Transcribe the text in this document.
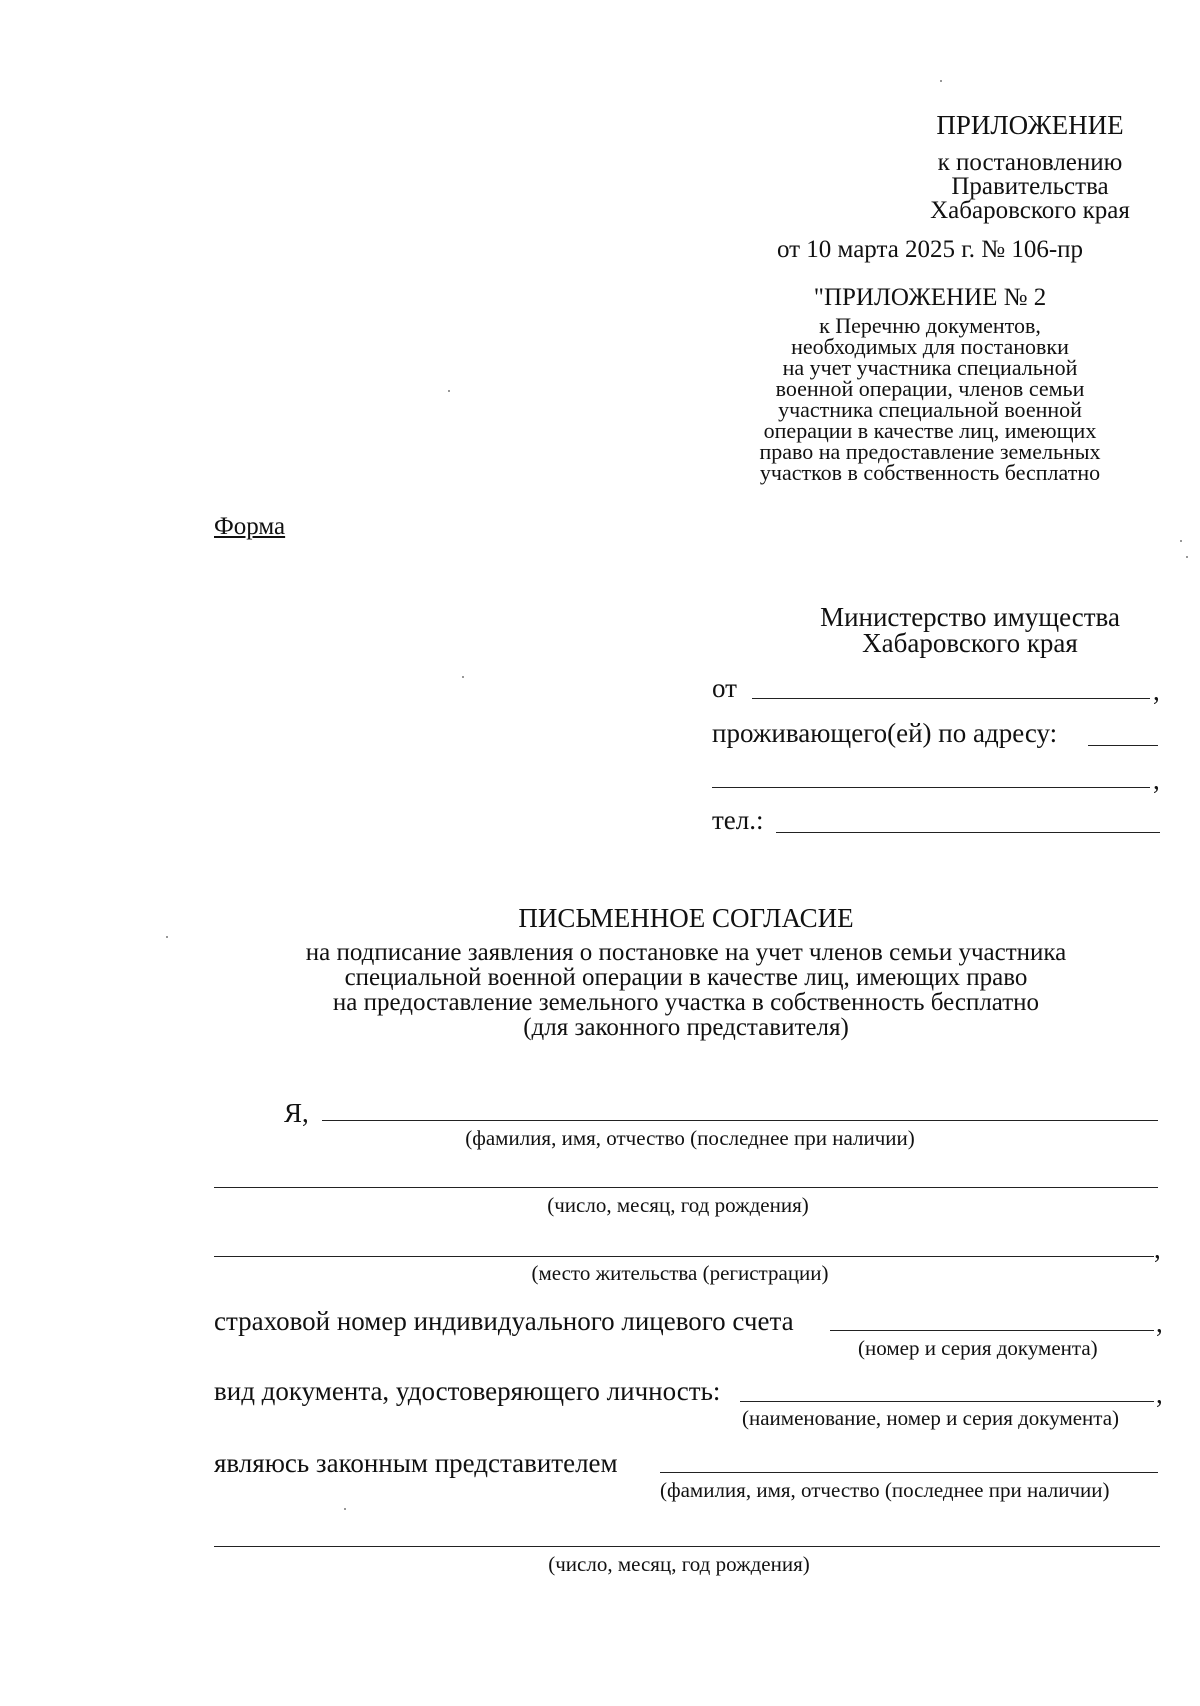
ПРИЛОЖЕНИЕ
к постановлению
Правительства
Хабаровского края
от 10 марта 2025 г. № 106-пр
"ПРИЛОЖЕНИЕ № 2
к Перечню документов,
необходимых для постановки
на учет участника специальной
военной операции, членов семьи
участника специальной военной
операции в качестве лиц, имеющих
право на предоставление земельных
участков в собственность бесплатно
Форма
Министерство имущества
Хабаровского края
от	,
проживающего(ей) по адресу:
,
тел.:
ПИСЬМЕННОЕ СОГЛАСИЕ
на подписание заявления о постановке на учет членов семьи участника
специальной военной операции в качестве лиц, имеющих право
на предоставление земельного участка в собственность бесплатно
(для законного представителя)
Я,
(фамилия, имя, отчество (последнее при наличии)
(число, месяц, год рождения)
,
(место жительства (регистрации)
страховой номер индивидуального лицевого счета	,
(номер и серия документа)
вид документа, удостоверяющего личность:	,
(наименование, номер и серия документа)
являюсь законным представителем
(фамилия, имя, отчество (последнее при наличии)
(число, месяц, год рождения)
